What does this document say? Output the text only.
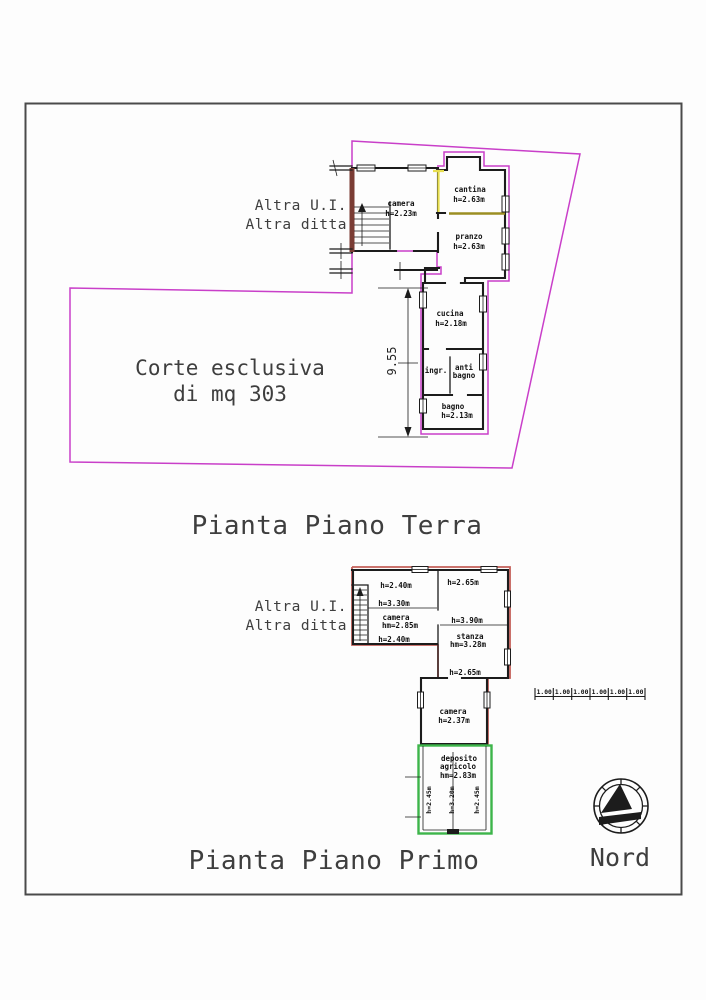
9.55
camera
h=2.23m
cantina
h=2.63m
pranzo
h=2.63m
cucina
h=2.18m
ingr. anti
bagno
bagno
h=2.13m
Altra U.I.
Altra ditta
Corte esclusiva
di mq 303
Pianta Piano Terra
h=2.40m
h=3.30m
camera
hm=2.85m
h=2.40m
h=2.65m
h=3.90m
stanza
hm=3.28m
h=2.65m
camera
h=2.37m
deposito
agricolo
hm=2.83m
h=2.45m h=3.20m	h=2.45m
Altra U.I.
Altra ditta
Pianta Piano Primo
1.00 1.00 1.00 1.00 1.00 1.00
Nord
